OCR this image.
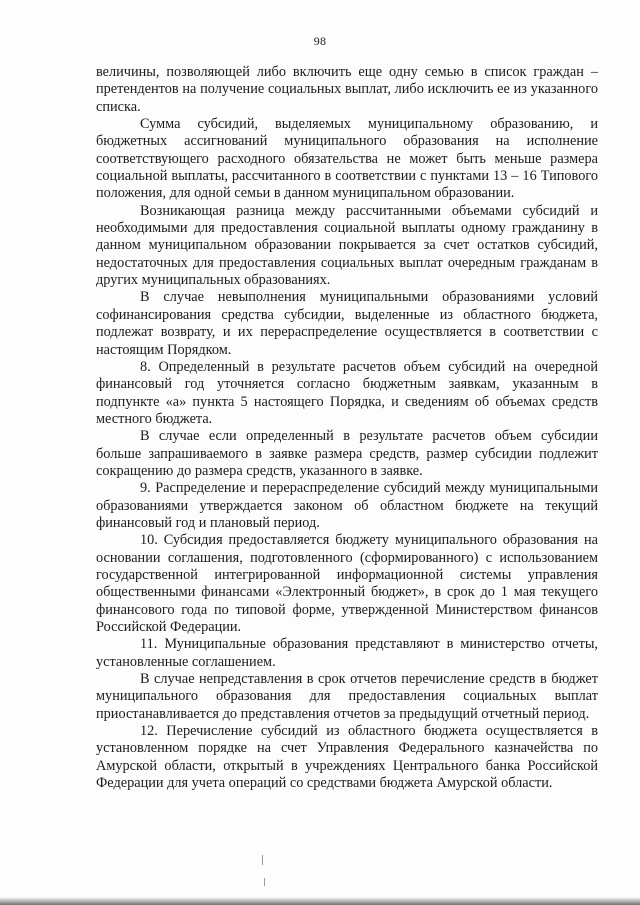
98

величины, позволяющей либо включить еще одну семью в список граждан – претендентов на получение социальных выплат, либо исключить ее из указанного списка.

Сумма субсидий, выделяемых муниципальному образованию, и бюджетных ассигнований муниципального образования на исполнение соответствующего расходного обязательства не может быть меньше размера социальной выплаты, рассчитанного в соответствии с пунктами 13 – 16 Типового положения, для одной семьи в данном муниципальном образовании.

Возникающая разница между рассчитанными объемами субсидий и необходимыми для предоставления социальной выплаты одному гражданину в данном муниципальном образовании покрывается за счет остатков субсидий, недостаточных для предоставления социальных выплат очередным гражданам в других муниципальных образованиях.

В случае невыполнения муниципальными образованиями условий софинансирования средства субсидии, выделенные из областного бюджета, подлежат возврату, и их перераспределение осуществляется в соответствии с настоящим Порядком.

8. Определенный в результате расчетов объем субсидий на очередной финансовый год уточняется согласно бюджетным заявкам, указанным в подпункте «а» пункта 5 настоящего Порядка, и сведениям об объемах средств местного бюджета.

В случае если определенный в результате расчетов объем субсидии больше запрашиваемого в заявке размера средств, размер субсидии подлежит сокращению до размера средств, указанного в заявке.

9. Распределение и перераспределение субсидий между муниципальными образованиями утверждается законом об областном бюджете на текущий финансовый год и плановый период.

10. Субсидия предоставляется бюджету муниципального образования на основании соглашения, подготовленного (сформированного) с использованием государственной интегрированной информационной системы управления общественными финансами «Электронный бюджет», в срок до 1 мая текущего финансового года по типовой форме, утвержденной Министерством финансов Российской Федерации.

11. Муниципальные образования представляют в министерство отчеты, установленные соглашением.

В случае непредставления в срок отчетов перечисление средств в бюджет муниципального образования для предоставления социальных выплат приостанавливается до представления отчетов за предыдущий отчетный период.

12. Перечисление субсидий из областного бюджета осуществляется в установленном порядке на счет Управления Федерального казначейства по Амурской области, открытый в учреждениях Центрального банка Российской Федерации для учета операций со средствами бюджета Амурской области.
